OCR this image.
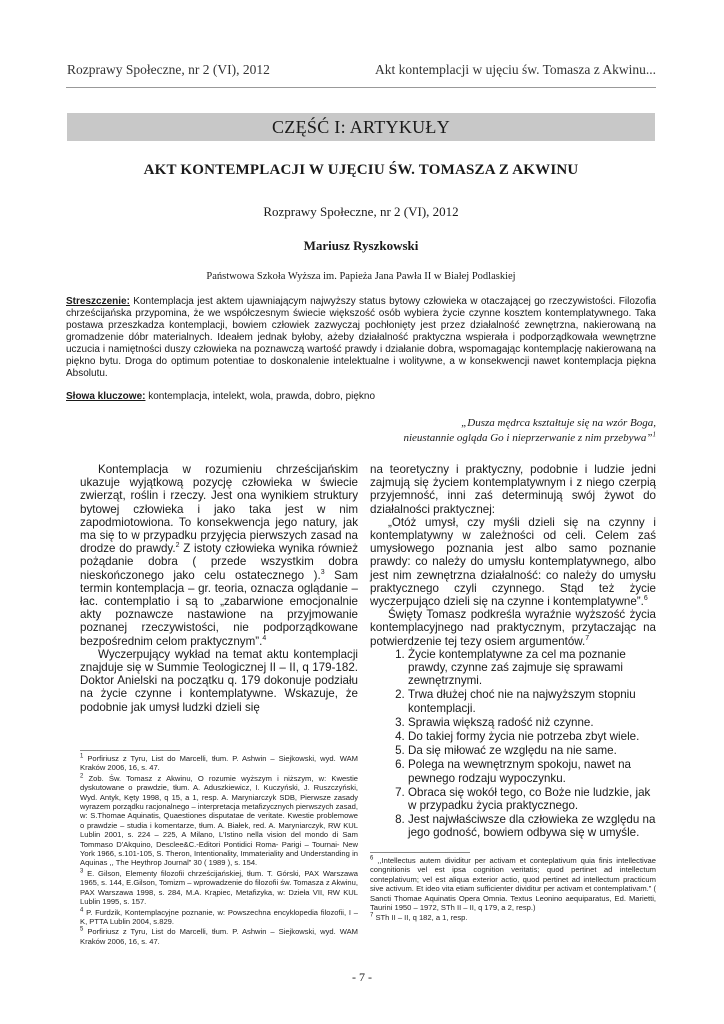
Rozprawy Społeczne, nr 2 (VI), 2012	Akt kontemplacji w ujęciu św. Tomasza z Akwinu...
CZĘŚĆ I: ARTYKUŁY
AKT KONTEMPLACJI W UJĘCIU ŚW. TOMASZA Z AKWINU
Rozprawy Społeczne, nr 2 (VI), 2012
Mariusz Ryszkowski
Państwowa Szkoła Wyższa im. Papieża Jana Pawła II w Białej Podlaskiej
Streszczenie: Kontemplacja jest aktem ujawniającym najwyższy status bytowy człowieka w otaczającej go rzeczywistości. Filozofia chrześcijańska przypomina, że we współczesnym świecie większość osób wybiera życie czynne kosztem kontemplatywnego. Taka postawa przeszkadza kontemplacji, bowiem człowiek zazwyczaj pochłonięty jest przez działalność zewnętrzna, nakierowaną na gromadzenie dóbr materialnych. Ideałem jednak byłoby, ażeby działalność praktyczna wspierała i podporządkowała wewnętrzne uczucia i namiętności duszy człowieka na poznawczą wartość prawdy i działanie dobra, wspomagając kontemplację nakierowaną na piękno bytu. Droga do optimum potentiae to doskonalenie intelektualne i wolitywne, a w konsekwencji nawet kontemplacja piękna Absolutu.
Słowa kluczowe: kontemplacja, intelekt, wola, prawda, dobro, piękno
„Dusza mędrca kształtuje się na wzór Boga,
nieustannie ogląda Go i nieprzerwanie z nim przebywa”$^1$

Kontemplacja w rozumieniu chrześcijańskim ukazuje wyjątkową pozycję człowieka w świecie zwierząt, roślin i rzeczy. Jest ona wynikiem struktury bytowej człowieka i jako taka jest w nim zapodmiotowiona. To konsekwencja jego natury, jak ma się to w przypadku przyjęcia pierwszych zasad na drodze do prawdy.$^2$ Z istoty człowieka wynika również pożądanie dobra ( przede wszystkim dobra nieskończonego jako celu ostatecznego ).$^3$ Sam termin kontemplacja – gr. teoria, oznacza oglądanie – łac. contemplatio i są to „zabarwione emocjonalnie akty poznawcze nastawione na przyjmowanie poznanej rzeczywistości, nie podporządkowane bezpośrednim celom praktycznym”.$^4$

Wyczerpujący wykład na temat aktu kontemplacji znajduje się w Summie Teologicznej II – II, q 179-182. Doktor Anielski na początku q. 179 dokonuje podziału na życie czynne i kontemplatywne. Wskazuje, że podobnie jak umysł ludzki dzieli się

na teoretyczny i praktyczny, podobnie i ludzie jedni zajmują się życiem kontemplatywnym i z niego czerpią przyjemność, inni zaś determinują swój żywot do działalności praktycznej:

„Otóż umysł, czy myśli dzieli się na czynny i kontemplatywny w zależności od celi. Celem zaś umysłowego poznania jest albo samo poznanie prawdy: co należy do umysłu kontemplatywnego, albo jest nim zewnętrzna działalność: co należy do umysłu praktycznego czyli czynnego. Stąd też życie wyczerpująco dzieli się na czynne i kontemplatywne”.$^6$

Święty Tomasz podkreśla wyraźnie wyższość życia kontemplacyjnego nad praktycznym, przytaczając na potwierdzenie tej tezy osiem argumentów.$^7$

1. Życie kontemplatywne za cel ma poznanie prawdy, czynne zaś zajmuje się sprawami zewnętrznymi.
2. Trwa dłużej choć nie na najwyższym stopniu kontemplacji.
3. Sprawia większą radość niż czynne.
4. Do takiej formy życia nie potrzeba zbyt wiele.
5. Da się miłować ze względu na nie same.
6. Polega na wewnętrznym spokoju, nawet na pewnego rodzaju wypoczynku.
7. Obraca się wokół tego, co Boże nie ludzkie, jak w przypadku życia praktycznego.
8. Jest najwłaściwsze dla człowieka ze względu na jego godność, bowiem odbywa się w umyśle.
$^1$ Porfiriusz z Tyru, List do Marcelli, tłum. P. Ashwin – Siejkowski, wyd. WAM Kraków 2006, 16, s. 47.
$^2$ Zob. Św. Tomasz z Akwinu, O rozumie wyższym i niższym, w: Kwestie dyskutowane o prawdzie, tłum. A. Aduszkiewicz, I. Kuczyński, J. Ruszczyński, Wyd. Antyk, Kęty 1998, q 15, a 1, resp. A. Maryniarczyk SDB, Pierwsze zasady wyrazem porządku racjonalnego – interpretacja metafizycznych pierwszych zasad, w: S.Thomae Aquinatis, Quaestiones disputatae de veritate. Kwestie problemowe o prawdzie – studia i komentarze, tłum. A. Białek, red. A. Maryniarczyk, RW KUL Lublin 2001, s. 224 – 225, A Milano, L'Istino nella vision del mondo di Sam Tommaso D'Akquino, Desclee&C.-Editori Pontidici Roma- Parigi – Tournai- New York 1966, s.101-105, S. Theron, Intentionality, Immateriality and Understanding in Aquinas ,, The Heythrop Journal” 30 ( 1989 ), s. 154.
$^3$ E. Gilson, Elementy filozofii chrześcijańskiej, tłum. T. Górski, PAX Warszawa 1965, s. 144, E.Gilson, Tomizm – wprowadzenie do filozofii św. Tomasza z Akwinu, PAX Warszawa 1998, s. 284, M.A. Krąpiec, Metafizyka, w: Dzieła VII, RW KUL Lublin 1995, s. 157.
$^4$ P. Furdzik, Kontemplacyjne poznanie, w: Powszechna encyklopedia filozofii, I – K, PTTA Lublin 2004, s.829.
$^5$ Porfiriusz z Tyru, List do Marcelli, tłum. P. Ashwin – Siejkowski, wyd. WAM Kraków 2006, 16, s. 47.
$^6$ ,,Intellectus autem dividitur per activam et conteplativum quia finis intellectivae congnitionis vel est ipsa cognition veritatis; quod pertinet ad intellectum conteplativum; vel est aliqua exterior actio, quod pertinet ad intellectum practicum sive activum. Et ideo vita etiam sufficienter dividitur per activam et contemplativam.” ( Sancti Thomae Aquinatis Opera Omnia. Textus Leonino aequiparatus, Ed. Marietti, Taurini 1950 – 1972, STh II – II, q 179, a 2, resp.)
$^7$ STh II – II, q 182, a 1, resp.
- 7 -
